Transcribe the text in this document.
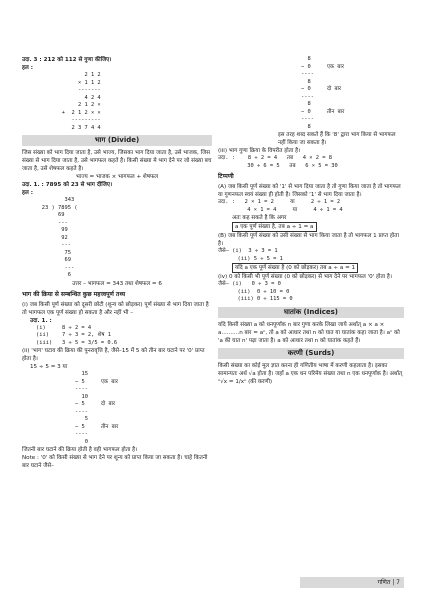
उदा. 3 : 212 को 112 से गुणा कीजिए।

हल :

2 1 2

× 1 1 2

-------

4 2 4

2 1 2 ×

+  2 1 2 × ×

---------

2 3 7 4 4

भाग (Divide)

जिस संख्या को भाग दिया जाता है, उसे भाज्य, जिसका भाग दिया जाता है, उसे भाजक, जिस संख्या से भाग दिया जाता है, उसे भागफल कहते है। किसी संख्या मे भाग देने पर जो संख्या बच जाता है, उसे शेषफल कहते है।

भाज्य = भाजक × भागफल + शेषफल

उदा. 1. : 7895 को 23 से भाग दीजिए।

हल :

343

23 ) 7895 (

69

---

99

92

---

75

69

---

6

उत्तर – भागफल = 343 तथा शेषफल = 6

भाग की क्रिया से सम्बन्धित कुछ महत्त्वपूर्ण तथ्य

(i) जब किसी पूर्ण संख्या को दूसरी छोटी (शून्य को छोड़कर) पूर्ण संख्या से भाग दिया जाता है तो भागफल एक पूर्ण संख्या हो सकता है और नहीं भी –

उदा. 1. :

(i)     8 ÷ 2 = 4

(ii)    7 ÷ 3 = 2, शेष 1

(iii)   3 ÷ 5 = 3/5 = 0.6

(ii) 'भाग' घटाव की क्रिया की पुनरावृत्ति है, जैसे–15 में 5 को तीन बार घटाने पर '0' प्राप्त होता है।

15 ÷ 5 = 3 या

15

− 5     एक बार

----

10

− 5     दो बार

----

5

− 5     तीन बार

----

0

जितनी बार घटाने की क्रिया होती है वही भागफल होता है।

Note : '0' को किसी संख्या से भाग देने पर शून्य को प्राप्त किया जा सकता है। चाहे कितनी बार घटाने जैसे–

8

− 0     एक बार

----

8

− 0     दो बार

----

8

− 0     तीन बार

----

8

इस तरह शब्द सकते हैं कि '8' द्वारा भाग किया से भागफल नहीं किया जा सकता है।

(iii) भाग गुणा क्रिया के विपरीत होता है।

उदा. :    8 ÷ 2 = 4   तब   4 × 2 = 8

30 ÷ 6 = 5   तब   6 × 5 = 30

टिप्पणी

(A) जब किसी पूर्ण संख्या को '1' से भाग दिया जाता है तो गुणा किया जाता है तो भागफल या गुणनफल स्वयं संख्या ही होती है। जिसको '1' से भाग दिया जाता है।

उदा. :   2 × 1 = 2     या     2 ÷ 1 = 2

4 × 1 = 4     या     4 ÷ 1 = 4

अतः कह सकते है कि अगर

a एक पूर्ण संख्या है, तब a ÷ 1 = a

(B) जब किसी पूर्ण संख्या को उसी संख्या से भाग किया जाता है तो भागफल 1 प्राप्त होता है।

जैसे– (i)  3 ÷ 3 = 1

(ii) 5 ÷ 5 = 1

यदि a एक पूर्ण संख्या है (0 को छोड़कर) तब a ÷ a = 1

(iv) 0 को किसी भी पूर्ण संख्या (0 को छोड़कर) से भाग देने पर भागफल '0' होता है।

जैसे– (i)   0 ÷ 3 = 0

(ii)  0 ÷ 10 = 0

(iii) 0 ÷ 115 = 0

घातांक (Indices)

यदि किसी संख्या a को धनपूर्णांक n बार गुणा करके लिखा जाये अर्थात् a × a × a..........n बार = aⁿ, तो a को आधार तथा n को घात या घातांक कहा जाता है। aⁿ को 'a की घात n' पढ़ा जाता है। a को आधार तथा n को घातांक कहते हैं।

करणी (Surds)

किसी संख्या का कोई मूल ज्ञात करना ही गणितीय भाषा में करणी कहलाता है। इसका सामान्यतः अर्थ √a होता है। जहाँ a एक धन परिमेय संख्या तथा n एक धनपूर्णांक है। अर्थात् ⁿ√x = 1/xⁿ (की करणी)

गणित | 7
